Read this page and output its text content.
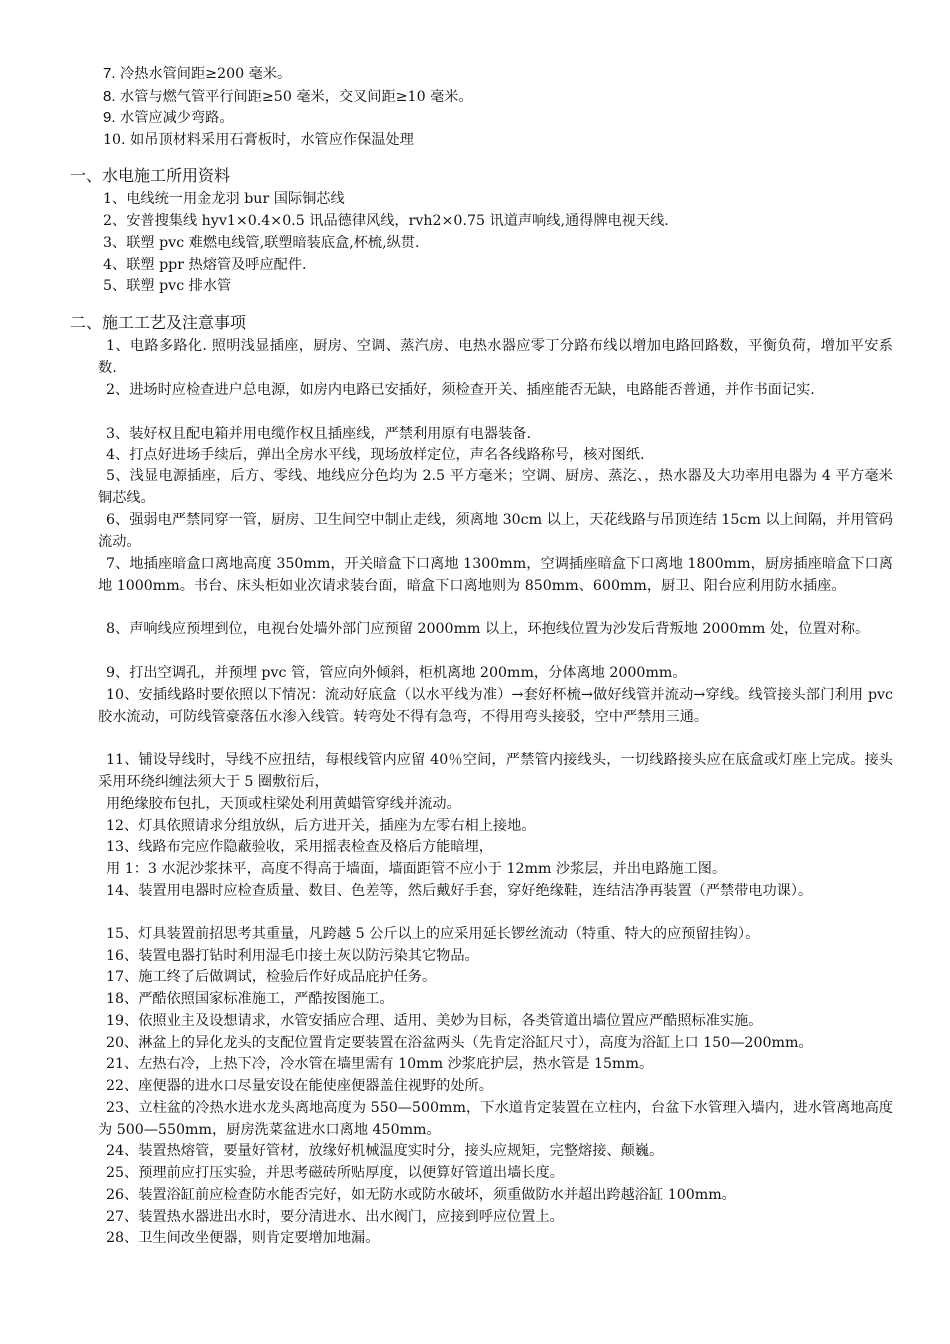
7. 冷热水管间距≥200 毫米。
8. 水管与燃气管平行间距≥50 毫米，交叉间距≥10 毫米。
9. 水管应减少弯路。
10. 如吊顶材料采用石膏板时，水管应作保温处理
一、水电施工所用资料
1、电线统一用金龙羽 bur 国际铜芯线
2、安普搜集线 hyv1×0.4×0.5 讯品德律风线，rvh2×0.75 讯道声响线,通得牌电视天线.
3、联塑 pvc 难燃电线管,联塑暗装底盒,杯梳,纵贯.
4、联塑 ppr 热熔管及呼应配件.
5、联塑 pvc 排水管
二、施工工艺及注意事项
1、电路多路化. 照明浅显插座，厨房、空调、蒸汽房、电热水器应零丁分路布线以增加电路回路数，平衡负荷，增加平安系数.
2、进场时应检查进户总电源，如房内电路已安插好，须检查开关、插座能否无缺，电路能否普通，并作书面记实.
3、装好权且配电箱并用电缆作权且插座线，严禁利用原有电器装备.
4、打点好进场手续后，弹出全房水平线，现场放样定位，声名各线路称号，核对图纸.
5、浅显电源插座，后方、零线、地线应分色均为 2.5 平方毫米；空调、厨房、蒸汔、，热水器及大功率用电器为 4 平方毫米铜芯线。
6、强弱电严禁同穿一管，厨房、卫生间空中制止走线，须离地 30cm 以上，天花线路与吊顶连结 15cm 以上间隔，并用管码流动。
7、地插座暗盒口离地高度 350mm，开关暗盒下口离地 1300mm，空调插座暗盒下口离地 1800mm，厨房插座暗盒下口离地 1000mm。书台、床头柜如业次请求装台面，暗盒下口离地则为 850mm、600mm，厨卫、阳台应利用防水插座。
8、声响线应预埋到位，电视台处墙外部门应预留 2000mm 以上，环抱线位置为沙发后背叛地 2000mm 处，位置对称。
9、打出空调孔，并预埋 pvc 管，管应向外倾斜，柜机离地 200mm，分体离地 2000mm。
10、安插线路时要依照以下情况：流动好底盒（以水平线为准）→套好杯梳→做好线管并流动→穿线。线管接头部门利用 pvc 胶水流动，可防线管豪落伍水渗入线管。转弯处不得有急弯，不得用弯头接驳，空中严禁用三通。
11、铺设导线时，导线不应扭结，每根线管内应留 40％空间，严禁管内接线头，一切线路接头应在底盒或灯座上完成。接头采用环绕纠缠法须大于 5 圈敷衍后，
用绝缘胶布包扎，天顶或柱梁处利用黄蜡管穿线并流动。
12、灯具依照请求分组放纵，后方进开关，插座为左零右相上接地。
13、线路布完应作隐蔽验收，采用摇表检查及格后方能暗埋，
用 1：3 水泥沙浆抹平，高度不得高于墙面，墙面距管不应小于 12mm 沙浆层，并出电路施工图。
14、装置用电器时应检查质量、数目、色差等，然后戴好手套，穿好绝缘鞋，连结洁净再装置（严禁带电功课）。
15、灯具装置前招思考其重量，凡跨越 5 公斤以上的应采用延长锣丝流动（特重、特大的应预留挂钩）。
16、装置电器打钻时利用湿毛巾接土灰以防污染其它物品。
17、施工终了后做调试，检验后作好成品庇护任务。
18、严酷依照国家标准施工，严酷按图施工。
19、依照业主及设想请求，水管安插应合理、适用、美妙为目标，各类管道出墙位置应严酷照标准实施。
20、淋盆上的异化龙头的支配位置肯定要装置在浴盆两头（先肯定浴缸尺寸），高度为浴缸上口 150—200mm。
21、左热右冷，上热下冷，冷水管在墙里需有 10mm 沙浆庇护层，热水管是 15mm。
22、座便器的进水口尽量安设在能使座便器盖住视野的处所。
23、立柱盆的冷热水进水龙头离地高度为 550—500mm，下水道肯定装置在立柱内，台盆下水管理入墙内，进水管离地高度为 500—550mm，厨房洗菜盆进水口离地 450mm。
24、装置热熔管，要量好管材，放缘好机械温度实时分，接头应规矩，完整熔接、颠巍。
25、预理前应打压实验，并思考磁砖所贴厚度，以便算好管道出墙长度。
26、装置浴缸前应检查防水能否完好，如无防水或防水破坏，须重做防水并超出跨越浴缸 100mm。
27、装置热水器进出水时，要分清进水、出水阀门，应接到呼应位置上。
28、卫生间改坐便器，则肯定要增加地漏。
